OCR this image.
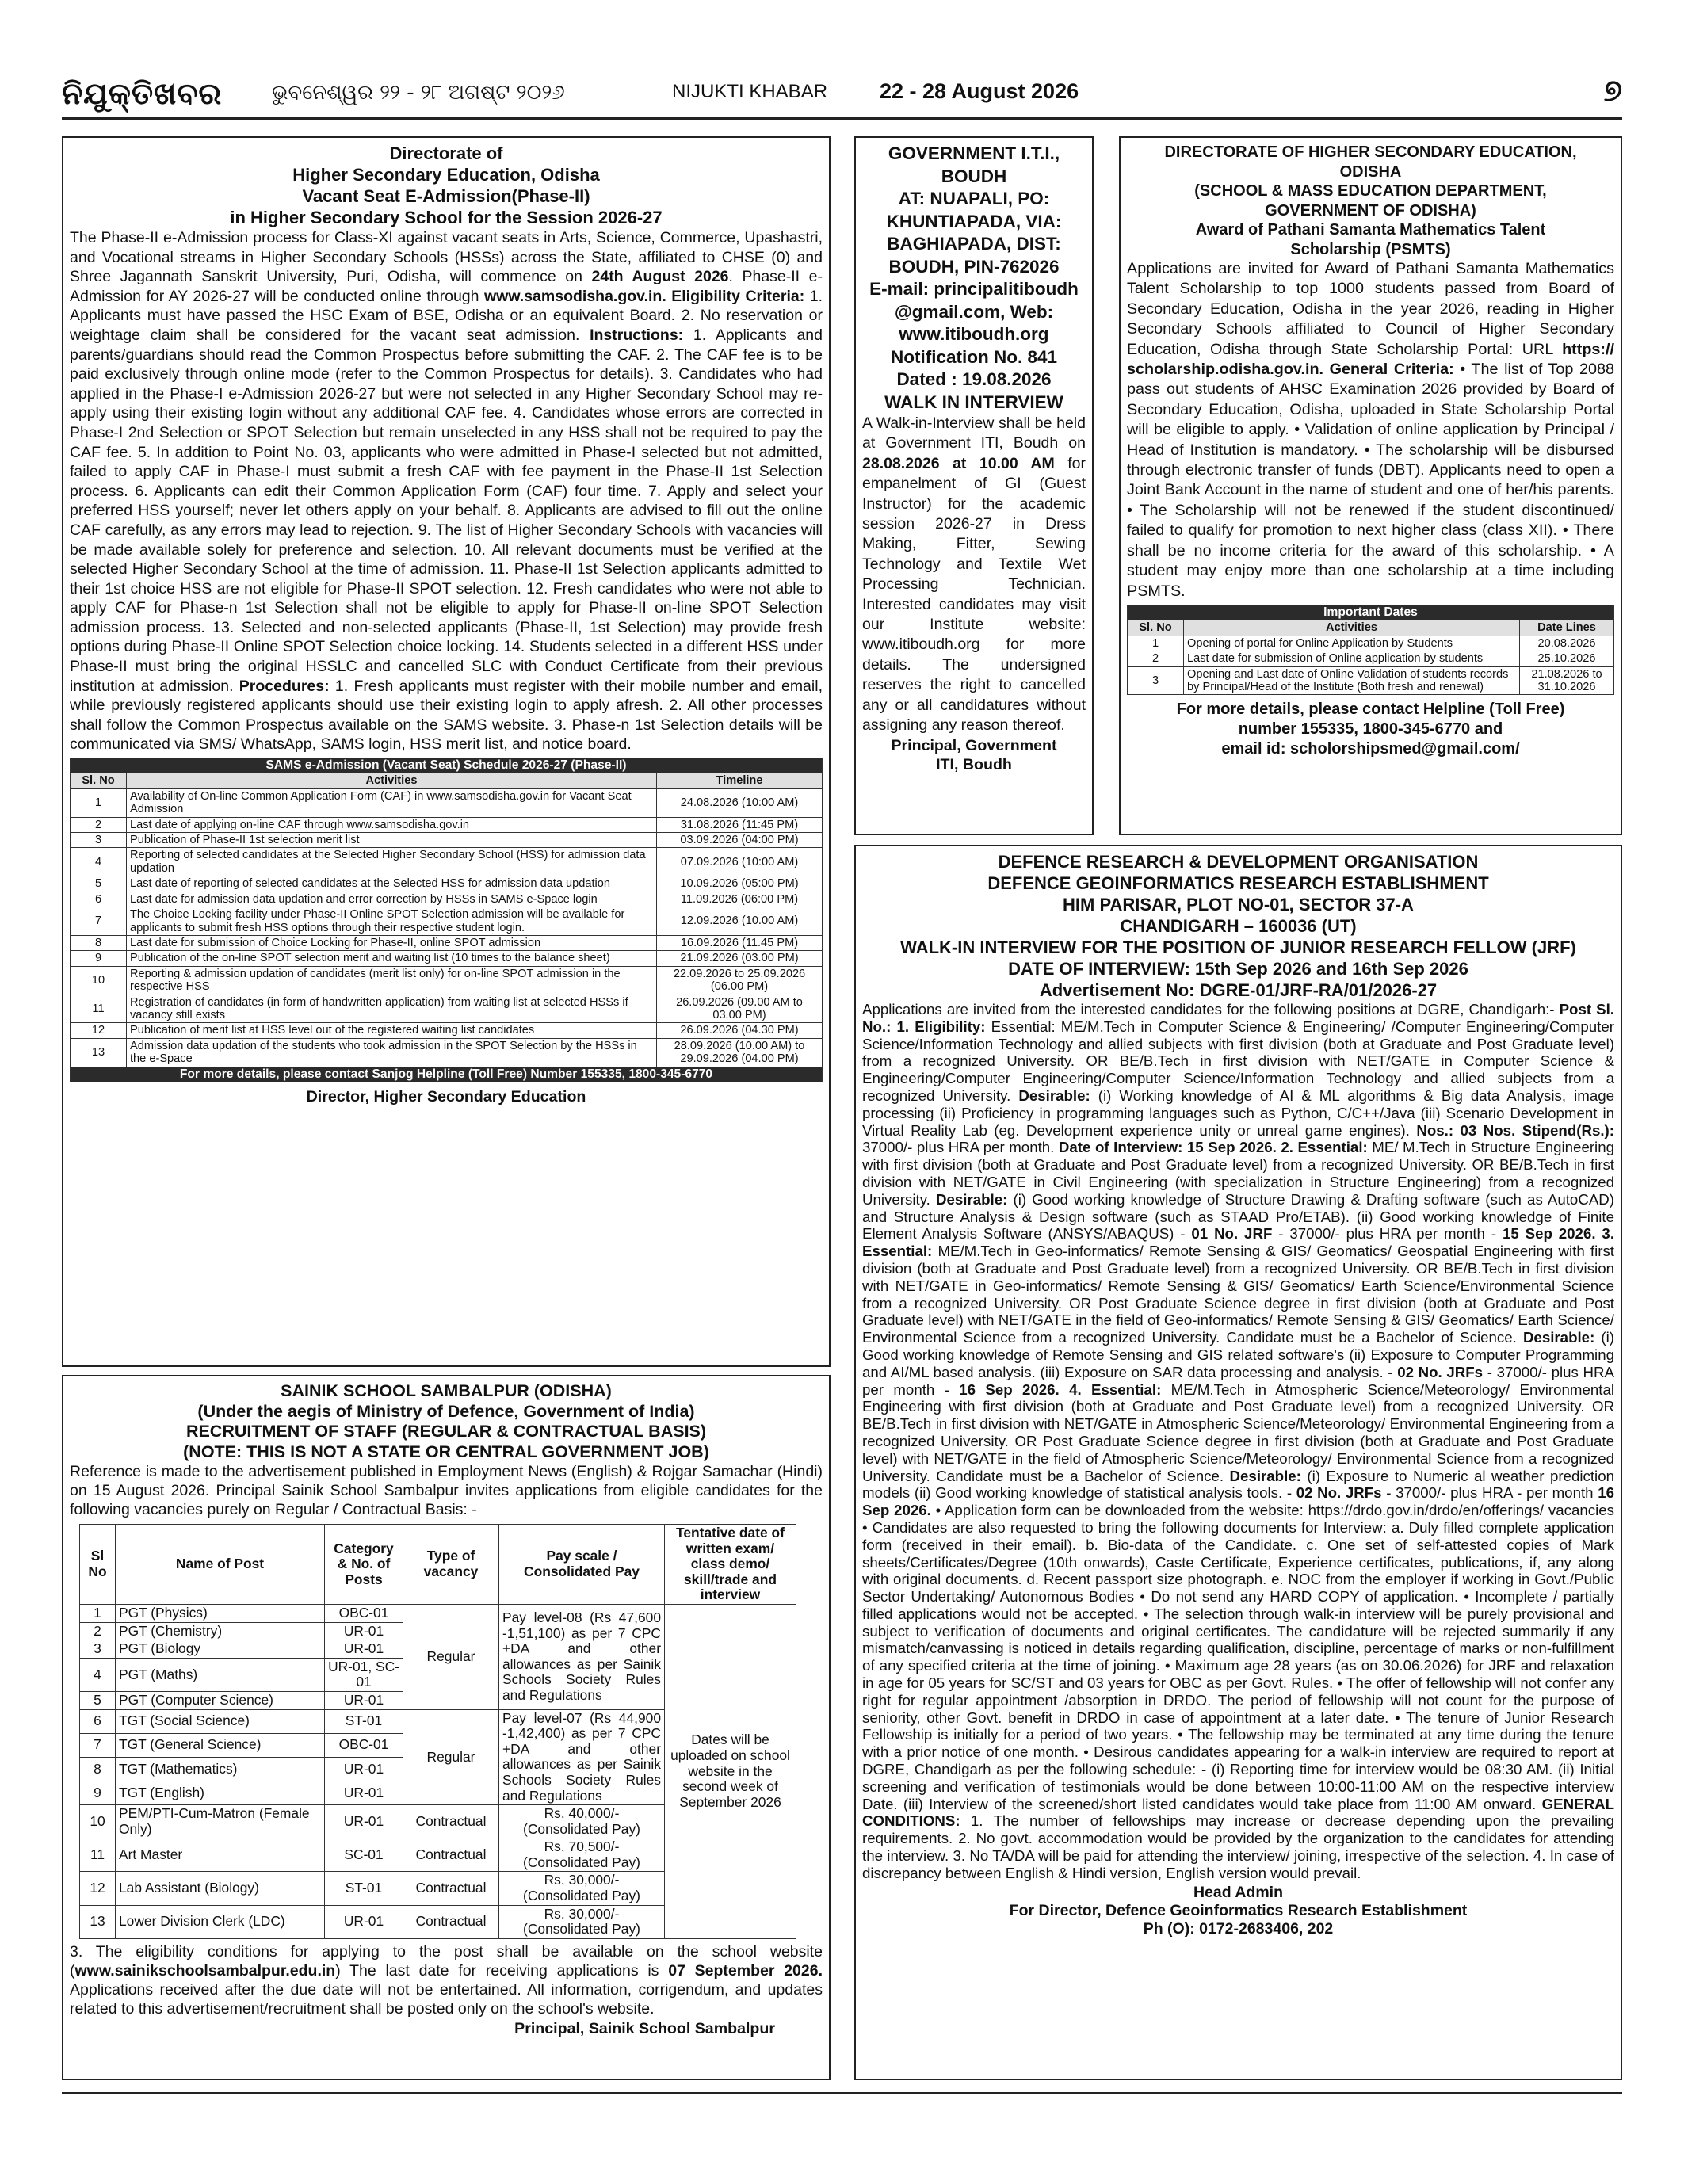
ନିଯୁକ୍ତିଖବର ଭୁବନେଶ୍ୱର ୨୨ - ୨୮ ଅଗଷ୍ଟ ୨୦୨୬	NIJUKTI KHABAR 22 - 28 August 2026	୭
Directorate of
Higher Secondary Education, Odisha
Vacant Seat E-Admission(Phase-II)
in Higher Secondary School for the Session 2026-27
The Phase-II e-Admission process for Class-XI against vacant seats in Arts, Science, Commerce, Upashastri, and Vocational streams in Higher Secondary Schools (HSSs) across the State, affiliated to CHSE (0) and Shree Jagannath Sanskrit University, Puri, Odisha, will commence on 24th August 2026. Phase-II e-Admission for AY 2026-27 will be conducted online through www.samsodisha.gov.in. Eligibility Criteria: 1. Applicants must have passed the HSC Exam of BSE, Odisha or an equivalent Board. 2. No reservation or weightage claim shall be considered for the vacant seat admission. Instructions: 1. Applicants and parents/guardians should read the Common Prospectus before submitting the CAF. 2. The CAF fee is to be paid exclusively through online mode (refer to the Common Prospectus for details). 3. Candidates who had applied in the Phase-I e-Admission 2026-27 but were not selected in any Higher Secondary School may re-apply using their existing login without any additional CAF fee. 4. Candidates whose errors are corrected in Phase-I 2nd Selection or SPOT Selection but remain unselected in any HSS shall not be required to pay the CAF fee. 5. In addition to Point No. 03, applicants who were admitted in Phase-I selected but not admitted, failed to apply CAF in Phase-I must submit a fresh CAF with fee payment in the Phase-II 1st Selection process. 6. Applicants can edit their Common Application Form (CAF) four time. 7. Apply and select your preferred HSS yourself; never let others apply on your behalf. 8. Applicants are advised to fill out the online CAF carefully, as any errors may lead to rejection. 9. The list of Higher Secondary Schools with vacancies will be made available solely for preference and selection. 10. All relevant documents must be verified at the selected Higher Secondary School at the time of admission. 11. Phase-II 1st Selection applicants admitted to their 1st choice HSS are not eligible for Phase-II SPOT selection. 12. Fresh candidates who were not able to apply CAF for Phase-n 1st Selection shall not be eligible to apply for Phase-II on-line SPOT Selection admission process. 13. Selected and non-selected applicants (Phase-II, 1st Selection) may provide fresh options during Phase-II Online SPOT Selection choice locking. 14. Students selected in a different HSS under Phase-II must bring the original HSSLC and cancelled SLC with Conduct Certificate from their previous institution at admission. Procedures: 1. Fresh applicants must register with their mobile number and email, while previously registered applicants should use their existing login to apply afresh. 2. All other processes shall follow the Common Prospectus available on the SAMS website. 3. Phase-n 1st Selection details will be communicated via SMS/ WhatsApp, SAMS login, HSS merit list, and notice board.
SAMS e-Admission (Vacant Seat) Schedule 2026-27 (Phase-II)		
Sl. No	Activities	Timeline
1	Availability of On-line Common Application Form (CAF) in www.samsodisha.gov.in for Vacant Seat Admission	24.08.2026 (10:00 AM)
2	Last date of applying on-line CAF through www.samsodisha.gov.in	31.08.2026 (11:45 PM)
3	Publication of Phase-II 1st selection merit list	03.09.2026 (04:00 PM)
4	Reporting of selected candidates at the Selected Higher Secondary School (HSS) for admission data updation	07.09.2026 (10:00 AM)
5	Last date of reporting of selected candidates at the Selected HSS for admission data updation	10.09.2026 (05:00 PM)
6	Last date for admission data updation and error correction by HSSs in SAMS e-Space login	11.09.2026 (06:00 PM)
7	The Choice Locking facility under Phase-II Online SPOT Selection admission will be available for applicants to submit fresh HSS options through their respective student login.	12.09.2026 (10.00 AM)
8	Last date for submission of Choice Locking for Phase-II, online SPOT admission	16.09.2026 (11.45 PM)
9	Publication of the on-line SPOT selection merit and waiting list (10 times to the balance sheet)	21.09.2026 (03.00 PM)
10	Reporting & admission updation of candidates (merit list only) for on-line SPOT admission in the respective HSS	22.09.2026 to 25.09.2026 (06.00 PM)
11	Registration of candidates (in form of handwritten application) from waiting list at selected HSSs if vacancy still exists	26.09.2026 (09.00 AM to 03.00 PM)
12	Publication of merit list at HSS level out of the registered waiting list candidates	26.09.2026 (04.30 PM)
13	Admission data updation of the students who took admission in the SPOT Selection by the HSSs in the e-Space	28.09.2026 (10.00 AM) to 29.09.2026 (04.00 PM)
For more details, please contact Sanjog Helpline (Toll Free) Number 155335, 1800-345-6770		
Director, Higher Secondary Education
GOVERNMENT I.T.I.,
BOUDH
AT: NUAPALI, PO:
KHUNTIAPADA, VIA:
BAGHIAPADA, DIST:
BOUDH, PIN-762026
E-mail: principalitiboudh
@gmail.com, Web:
www.itiboudh.org
Notification No. 841
Dated : 19.08.2026
WALK IN INTERVIEW
A Walk-in-Interview shall be held at Government ITI, Boudh on 28.08.2026 at 10.00 AM for empanelment of GI (Guest Instructor) for the academic session 2026-27 in Dress Making, Fitter, Sewing Technology and Textile Wet Processing Technician. Interested candidates may visit our Institute website: www.itiboudh.org for more details. The undersigned reserves the right to cancelled any or all candidatures without assigning any reason thereof.
Principal, Government
ITI, Boudh
DIRECTORATE OF HIGHER SECONDARY EDUCATION,
ODISHA
(SCHOOL & MASS EDUCATION DEPARTMENT,
GOVERNMENT OF ODISHA)
Award of Pathani Samanta Mathematics Talent
Scholarship (PSMTS)
Applications are invited for Award of Pathani Samanta Mathematics Talent Scholarship to top 1000 students passed from Board of Secondary Education, Odisha in the year 2026, reading in Higher Secondary Schools affiliated to Council of Higher Secondary Education, Odisha through State Scholarship Portal: URL https:// scholarship.odisha.gov.in. General Criteria: • The list of Top 2088 pass out students of AHSC Examination 2026 provided by Board of Secondary Education, Odisha, uploaded in State Scholarship Portal will be eligible to apply. • Validation of online application by Principal / Head of Institution is mandatory. • The scholarship will be disbursed through electronic transfer of funds (DBT). Applicants need to open a Joint Bank Account in the name of student and one of her/his parents. • The Scholarship will not be renewed if the student discontinued/ failed to qualify for promotion to next higher class (class XII). • There shall be no income criteria for the award of this scholarship. • A student may enjoy more than one scholarship at a time including PSMTS.
Important Dates		
Sl. No	Activities	Date Lines
1	Opening of portal for Online Application by Students	20.08.2026
2	Last date for submission of Online application by students	25.10.2026
3	Opening and Last date of Online Validation of students records by Principal/Head of the Institute (Both fresh and renewal)	21.08.2026 to 31.10.2026
For more details, please contact Helpline (Toll Free)
number 155335, 1800-345-6770 and
email id: scholorshipsmed@gmail.com/
SAINIK SCHOOL SAMBALPUR (ODISHA)
(Under the aegis of Ministry of Defence, Government of India)
RECRUITMENT OF STAFF (REGULAR & CONTRACTUAL BASIS)
(NOTE: THIS IS NOT A STATE OR CENTRAL GOVERNMENT JOB)
Reference is made to the advertisement published in Employment News (English) & Rojgar Samachar (Hindi) on 15 August 2026. Principal Sainik School Sambalpur invites applications from eligible candidates for the following vacancies purely on Regular / Contractual Basis: -
Sl No	Name of Post	Category & No. of Posts	Type of vacancy	Pay scale / Consolidated Pay	Tentative date of written exam/ class demo/ skill/trade and interview
1	PGT (Physics)	OBC-01	Regular	Pay level-08 (Rs 47,600 -1,51,100) as per 7 CPC +DA and other allowances as per Sainik Schools Society Rules and Regulations	Dates will be uploaded on school website in the second week of September 2026
2	PGT (Chemistry)	UR-01			
3	PGT (Biology	UR-01			
4	PGT (Maths)	UR-01, SC-01			
5	PGT (Computer Science)	UR-01			
6	TGT (Social Science)	ST-01	Regular	Pay level-07 (Rs 44,900 -1,42,400) as per 7 CPC +DA and other allowances as per Sainik Schools Society Rules and Regulations	
7	TGT (General Science)	OBC-01			
8	TGT (Mathematics)	UR-01			
9	TGT (English)	UR-01			
10	PEM/PTI-Cum-Matron (Female Only)	UR-01	Contractual	Rs. 40,000/- (Consolidated Pay)	
11	Art Master	SC-01	Contractual	Rs. 70,500/- (Consolidated Pay)	
12	Lab Assistant (Biology)	ST-01	Contractual	Rs. 30,000/- (Consolidated Pay)	
13	Lower Division Clerk (LDC)	UR-01	Contractual	Rs. 30,000/- (Consolidated Pay)	
3. The eligibility conditions for applying to the post shall be available on the school website (www.sainikschoolsambalpur.edu.in) The last date for receiving applications is 07 September 2026. Applications received after the due date will not be entertained. All information, corrigendum, and updates related to this advertisement/recruitment shall be posted only on the school's website.
Principal, Sainik School Sambalpur
DEFENCE RESEARCH & DEVELOPMENT ORGANISATION
DEFENCE GEOINFORMATICS RESEARCH ESTABLISHMENT
HIM PARISAR, PLOT NO-01, SECTOR 37-A
CHANDIGARH – 160036 (UT)
WALK-IN INTERVIEW FOR THE POSITION OF JUNIOR RESEARCH FELLOW (JRF)
DATE OF INTERVIEW: 15th Sep 2026 and 16th Sep 2026
Advertisement No: DGRE-01/JRF-RA/01/2026-27
Applications are invited from the interested candidates for the following positions at DGRE, Chandigarh:- Post Sl. No.: 1. Eligibility: Essential: ME/M.Tech in Computer Science & Engineering/ /Computer Engineering/Computer Science/Information Technology and allied subjects with first division (both at Graduate and Post Graduate level) from a recognized University. OR BE/B.Tech in first division with NET/GATE in Computer Science & Engineering/Computer Engineering/Computer Science/Information Technology and allied subjects from a recognized University. Desirable: (i) Working knowledge of AI & ML algorithms & Big data Analysis, image processing (ii) Proficiency in programming languages such as Python, C/C++/Java (iii) Scenario Development in Virtual Reality Lab (eg. Development experience unity or unreal game engines). Nos.: 03 Nos. Stipend(Rs.): 37000/- plus HRA per month. Date of Interview: 15 Sep 2026. 2. Essential: ME/ M.Tech in Structure Engineering with first division (both at Graduate and Post Graduate level) from a recognized University. OR BE/B.Tech in first division with NET/GATE in Civil Engineering (with specialization in Structure Engineering) from a recognized University. Desirable: (i) Good working knowledge of Structure Drawing & Drafting software (such as AutoCAD) and Structure Analysis & Design software (such as STAAD Pro/ETAB). (ii) Good working knowledge of Finite Element Analysis Software (ANSYS/ABAQUS) - 01 No. JRF - 37000/- plus HRA per month - 15 Sep 2026. 3. Essential: ME/M.Tech in Geo-informatics/ Remote Sensing & GIS/ Geomatics/ Geospatial Engineering with first division (both at Graduate and Post Graduate level) from a recognized University. OR BE/B.Tech in first division with NET/GATE in Geo-informatics/ Remote Sensing & GIS/ Geomatics/ Earth Science/Environmental Science from a recognized University. OR Post Graduate Science degree in first division (both at Graduate and Post Graduate level) with NET/GATE in the field of Geo-informatics/ Remote Sensing & GIS/ Geomatics/ Earth Science/ Environmental Science from a recognized University. Candidate must be a Bachelor of Science. Desirable: (i) Good working knowledge of Remote Sensing and GIS related software's (ii) Exposure to Computer Programming and AI/ML based analysis. (iii) Exposure on SAR data processing and analysis. - 02 No. JRFs - 37000/- plus HRA per month - 16 Sep 2026. 4. Essential: ME/M.Tech in Atmospheric Science/Meteorology/ Environmental Engineering with first division (both at Graduate and Post Graduate level) from a recognized University. OR BE/B.Tech in first division with NET/GATE in Atmospheric Science/Meteorology/ Environmental Engineering from a recognized University. OR Post Graduate Science degree in first division (both at Graduate and Post Graduate level) with NET/GATE in the field of Atmospheric Science/Meteorology/ Environmental Science from a recognized University. Candidate must be a Bachelor of Science. Desirable: (i) Exposure to Numeric al weather prediction models (ii) Good working knowledge of statistical analysis tools. - 02 No. JRFs - 37000/- plus HRA - per month 16 Sep 2026. • Application form can be downloaded from the website: https://drdo.gov.in/drdo/en/offerings/ vacancies • Candidates are also requested to bring the following documents for Interview: a. Duly filled complete application form (received in their email). b. Bio-data of the Candidate. c. One set of self-attested copies of Mark sheets/Certificates/Degree (10th onwards), Caste Certificate, Experience certificates, publications, if, any along with original documents. d. Recent passport size photograph. e. NOC from the employer if working in Govt./Public Sector Undertaking/ Autonomous Bodies • Do not send any HARD COPY of application. • Incomplete / partially filled applications would not be accepted. • The selection through walk-in interview will be purely provisional and subject to verification of documents and original certificates. The candidature will be rejected summarily if any mismatch/canvassing is noticed in details regarding qualification, discipline, percentage of marks or non-fulfillment of any specified criteria at the time of joining. • Maximum age 28 years (as on 30.06.2026) for JRF and relaxation in age for 05 years for SC/ST and 03 years for OBC as per Govt. Rules. • The offer of fellowship will not confer any right for regular appointment /absorption in DRDO. The period of fellowship will not count for the purpose of seniority, other Govt. benefit in DRDO in case of appointment at a later date. • The tenure of Junior Research Fellowship is initially for a period of two years. • The fellowship may be terminated at any time during the tenure with a prior notice of one month. • Desirous candidates appearing for a walk-in interview are required to report at DGRE, Chandigarh as per the following schedule: - (i) Reporting time for interview would be 08:30 AM. (ii) Initial screening and verification of testimonials would be done between 10:00-11:00 AM on the respective interview Date. (iii) Interview of the screened/short listed candidates would take place from 11:00 AM onward. GENERAL CONDITIONS: 1. The number of fellowships may increase or decrease depending upon the prevailing requirements. 2. No govt. accommodation would be provided by the organization to the candidates for attending the interview. 3. No TA/DA will be paid for attending the interview/ joining, irrespective of the selection. 4. In case of discrepancy between English & Hindi version, English version would prevail.
Head Admin
For Director, Defence Geoinformatics Research Establishment
Ph (O): 0172-2683406, 202
